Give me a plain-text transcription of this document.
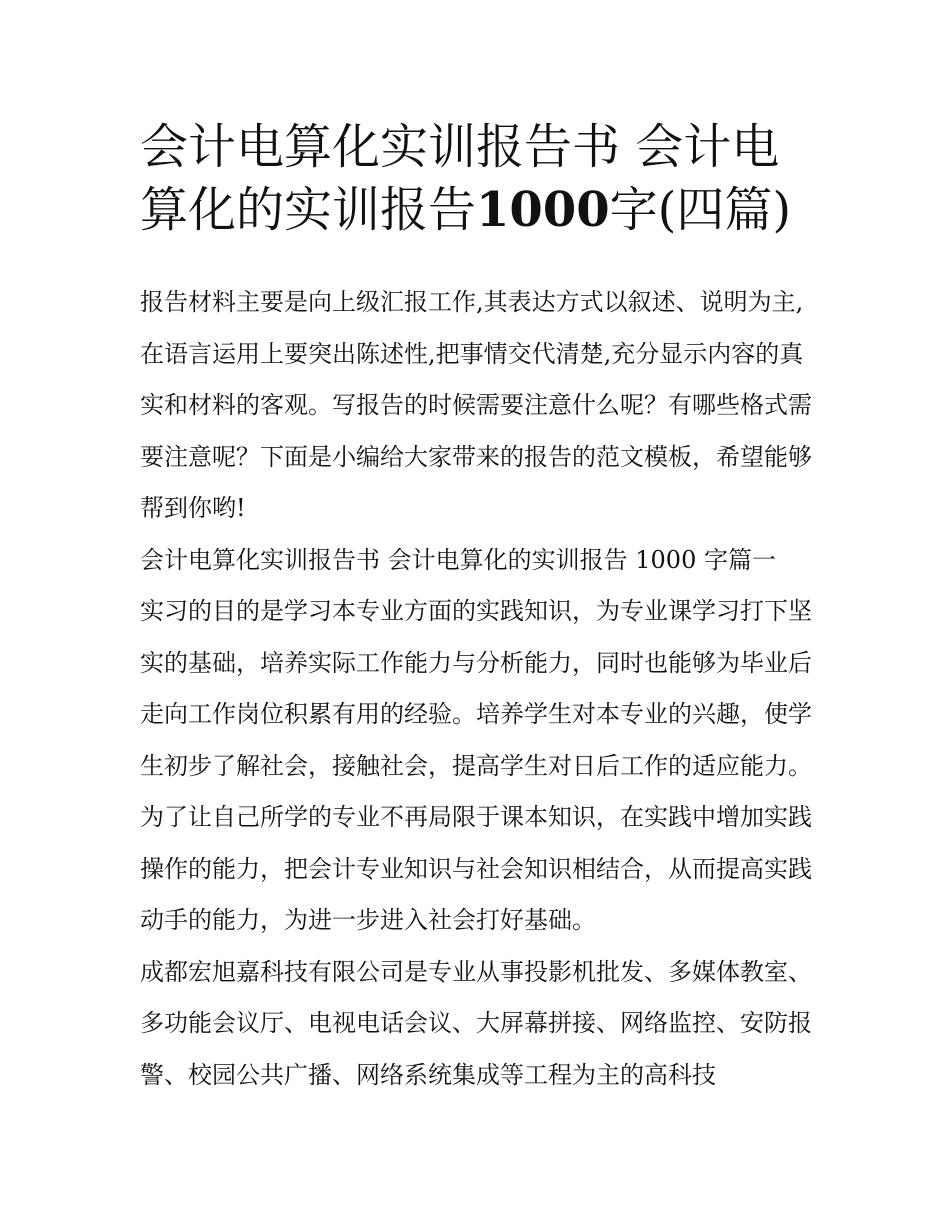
会计电算化实训报告书 会计电算化的实训报告1000字(四篇)

报告材料主要是向上级汇报工作,其表达方式以叙述、说明为主,在语言运用上要突出陈述性,把事情交代清楚,充分显示内容的真实和材料的客观。写报告的时候需要注意什么呢？有哪些格式需要注意呢？下面是小编给大家带来的报告的范文模板，希望能够帮到你哟!

会计电算化实训报告书 会计电算化的实训报告 1000 字篇一

实习的目的是学习本专业方面的实践知识，为专业课学习打下坚实的基础，培养实际工作能力与分析能力，同时也能够为毕业后走向工作岗位积累有用的经验。培养学生对本专业的兴趣，使学生初步了解社会，接触社会，提高学生对日后工作的适应能力。为了让自己所学的专业不再局限于课本知识，在实践中增加实践操作的能力，把会计专业知识与社会知识相结合，从而提高实践动手的能力，为进一步进入社会打好基础。

成都宏旭嘉科技有限公司是专业从事投影机批发、多媒体教室、多功能会议厅、电视电话会议、大屏幕拼接、网络监控、安防报警、校园公共广播、网络系统集成等工程为主的高科技
